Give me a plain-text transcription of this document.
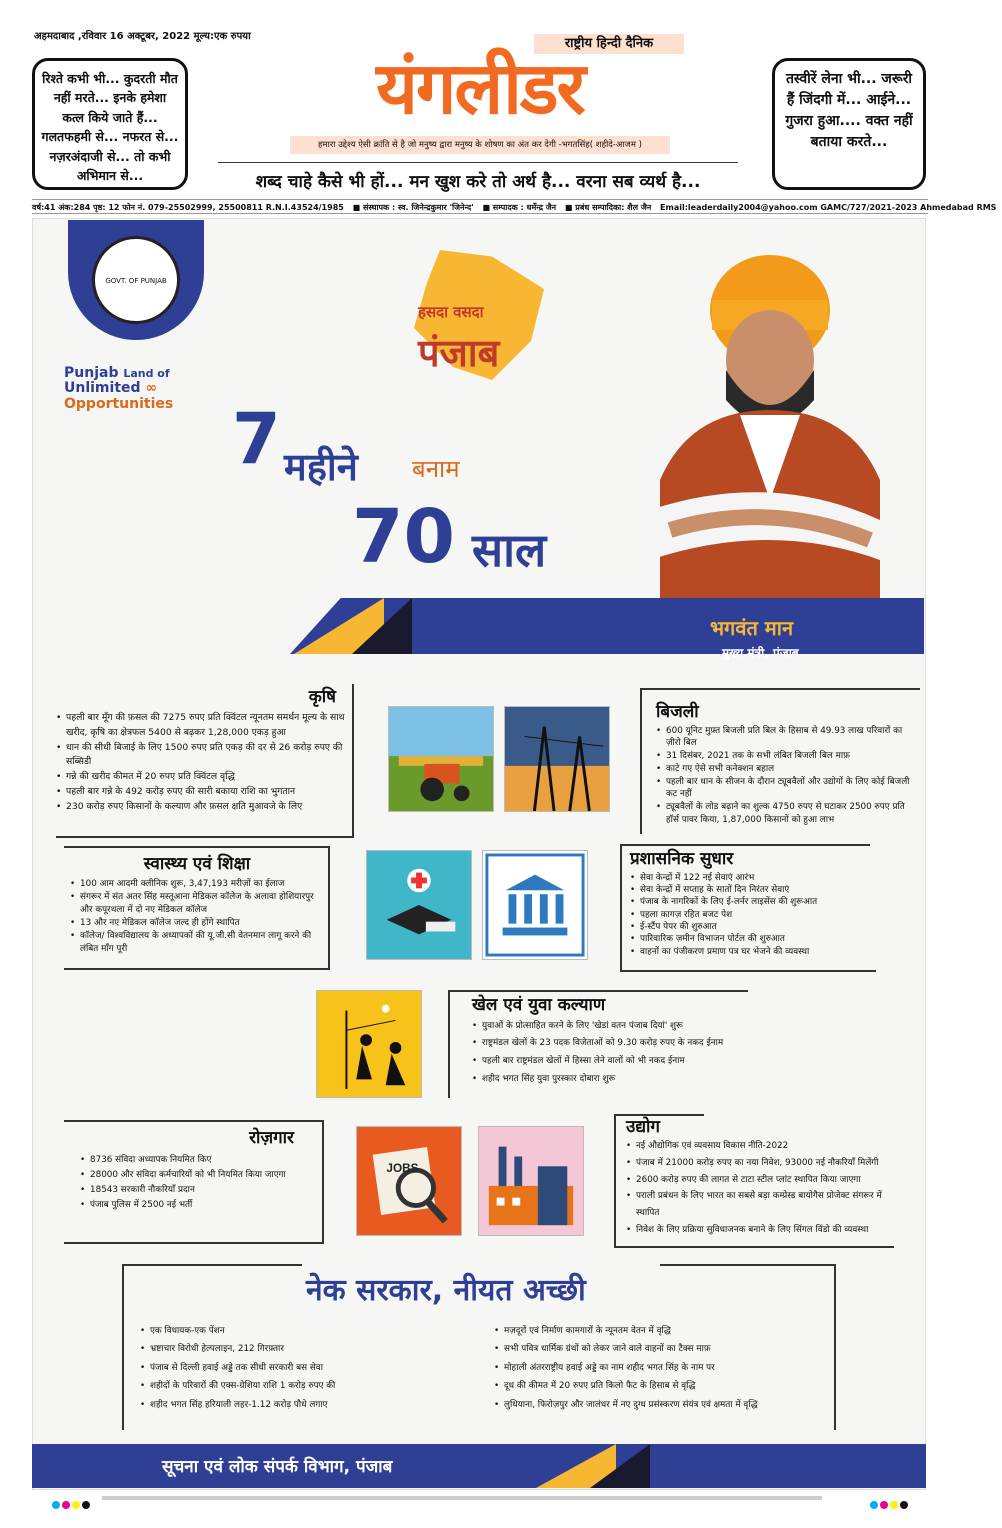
अहमदाबाद ,रविवार 16 अक्टूबर, 2022 मूल्य:एक रुपया
रिश्ते कभी भी... कुदरती मौत नहीं मरते... इनके हमेशा कत्ल किये जाते हैं... गलतफहमी से... नफरत से... नज़रअंदाजी से... तो कभी अभिमान से...
राष्ट्रीय हिन्दी दैनिक
यंगलीडर
हमारा उद्देश्य ऐसी क्रांति से है जो मनुष्य द्वारा मनुष्य के शोषण का अंत कर देगी -भगतसिंह( शहीदे-आजम )
शब्द चाहे कैसे भी हों... मन खुश करे तो अर्थ है... वरना सब व्यर्थ है...
तस्वीरें लेना भी... जरूरी हैं जिंदगी में... आईने... गुजरा हुआ.... वक्त नहीं बताया करते...
वर्ष:41 अंक:284 पृष्ठ: 12 फोन नं. 079-25502999, 25500811 R.N.I.43524/1985 ■ संस्थापक : स्व. जिनेन्द्रकुमार 'जिनेन्द' ■ सम्पादक : धर्मेन्द्र जैन ■ प्रबंध सम्पादिका: शैल जैन Email:leaderdaily2004@yahoo.com GAMC/727/2021-2023 Ahmedabad RMS
GOVT. OF PUNJAB
Punjab Land of
Unlimited ∞
Opportunities
हसदा वसदा
पंजाब
7 महीने बनाम
70 साल
भगवंत मान
मुख्य मंत्री, पंजाब
कृषि
• पहली बार मूँग की फ़सल की 7275 रुपए प्रति क्विंटल न्यूनतम समर्थन मूल्य के साथ खरीद, कृषि का क्षेत्रफल 5400 से बढ़कर 1,28,000 एकड़ हुआ
• धान की सीधी बिजाई के लिए 1500 रुपए प्रति एकड़ की दर से 26 करोड़ रुपए की सब्सिडी
• गन्ने की खरीद कीमत में 20 रुपए प्रति क्विंटल वृद्धि
• पहली बार गन्ने के 492 करोड़ रुपए की सारी बकाया राशि का भुगतान
• 230 करोड़ रुपए किसानों के कल्याण और फ़सल क्षति मुआवजे के लिए
बिजली
• 600 यूनिट मुफ़्त बिजली प्रति बिल के हिसाब से 49.93 लाख परिवारों का ज़ीरो बिल
• 31 दिसंबर, 2021 तक के सभी लंबित बिजली बिल माफ़
• काटे गए ऐसे सभी कनेक्शन बहाल
• पहली बार धान के सीजन के दौरान ट्यूबवैलों और उद्योगों के लिए कोई बिजली कट नहीं
• ट्यूबवैलों के लोड बढ़ाने का शुल्क 4750 रुपए से घटाकर 2500 रुपए प्रति हॉर्स पावर किया, 1,87,000 किसानों को हुआ लाभ
स्वास्थ्य एवं शिक्षा
• 100 आम आदमी क्लीनिक शुरू, 3,47,193 मरीज़ों का ईलाज
• संगरूर में संत अतर सिंह मस्तूआना मेडिकल कॉलेज के अलावा होशियारपुर और कपूरथला में दो नए मेडिकल कॉलेज
• 13 और नए मेडिकल कॉलेज जल्द ही होंगे स्थापित
• कॉलेज/ विश्वविद्यालय के अध्यापकों की यू.जी.सी वेतनमान लागू करने की लंबित माँग पूरी
प्रशासनिक सुधार
• सेवा केन्द्रों में 122 नई सेवाएं आरंभ
• सेवा केन्द्रों में सप्ताह के सातों दिन निरंतर सेवाएं
• पंजाब के नागरिकों के लिए ई-लर्नर लाइसेंस की शुरूआत
• पहला कागज़ रहित बजट पेश
• ई-स्टैंप पेपर की शुरुआत
• पारिवारिक ज़मीन विभाजन पोर्टल की शुरुआत
• वाहनों का पंजीकरण प्रमाण पत्र घर भेजने की व्यवस्था
खेल एवं युवा कल्याण
• युवाओं के प्रोत्साहित करने के लिए 'खेडां वतन पंजाब दियां' शुरू
• राष्ट्रमंडल खेलों के 23 पदक विजेताओं को 9.30 करोड़ रुपए के नकद ईनाम
• पहली बार राष्ट्रमंडल खेलों में हिस्सा लेने वालों को भी नकद ईनाम
• शहीद भगत सिंह युवा पुरस्कार दोबारा शुरू
रोज़गार
• 8736 संविदा अध्यापक नियमित किए
• 28000 और संविदा कर्मचारियों को भी नियमित किया जाएगा
• 18543 सरकारी नौकरियाँ प्रदान
• पंजाब पुलिस में 2500 नई भर्ती
JOBS
उद्योग
• नई औद्योगिक एवं व्यवसाय विकास नीति-2022
• पंजाब में 21000 करोड़ रुपए का नया निवेश, 93000 नई नौकरियाँ मिलेंगी
• 2600 करोड़ रुपए की लागत से टाटा स्टील प्लांट स्थापित किया जाएगा
• पराली प्रबंधन के लिए भारत का सबसे बड़ा कम्प्रेस्ड बायोगैस प्रोजेक्ट संगरूर में स्थापित
• निवेश के लिए प्रक्रिया सुविधाजनक बनाने के लिए सिंगल विंडो की व्यवस्था
नेक सरकार, नीयत अच्छी
• एक विधायक-एक पेंशन
• भ्रष्टाचार विरोधी हेल्पलाइन, 212 गिरफ़्तार
• पंजाब से दिल्ली हवाई अड्डे तक सीधी सरकारी बस सेवा
• शहीदों के परिवारों की एक्स-ग्रेशिया राशि 1 करोड़ रुपए की
• शहीद भगत सिंह हरियाली लहर-1.12 करोड़ पौधे लगाए
• मज़दूरों एवं निर्माण कामगारों के न्यूनतम वेतन में वृद्धि
• सभी पवित्र धार्मिक ग्रंथों को लेकर जाने वाले वाहनों का टैक्स माफ़
• मोहाली अंतरराष्ट्रीय हवाई अड्डे का नाम शहीद भगत सिंह के नाम पर
• दूध की कीमत में 20 रुपए प्रति किलो फैट के हिसाब से वृद्धि
• लुधियाना, फिरोज़पुर और जालंधर में नए दुग्ध प्रसंस्करण संयंत्र एवं क्षमता में वृद्धि
सूचना एवं लोक संपर्क विभाग, पंजाब
